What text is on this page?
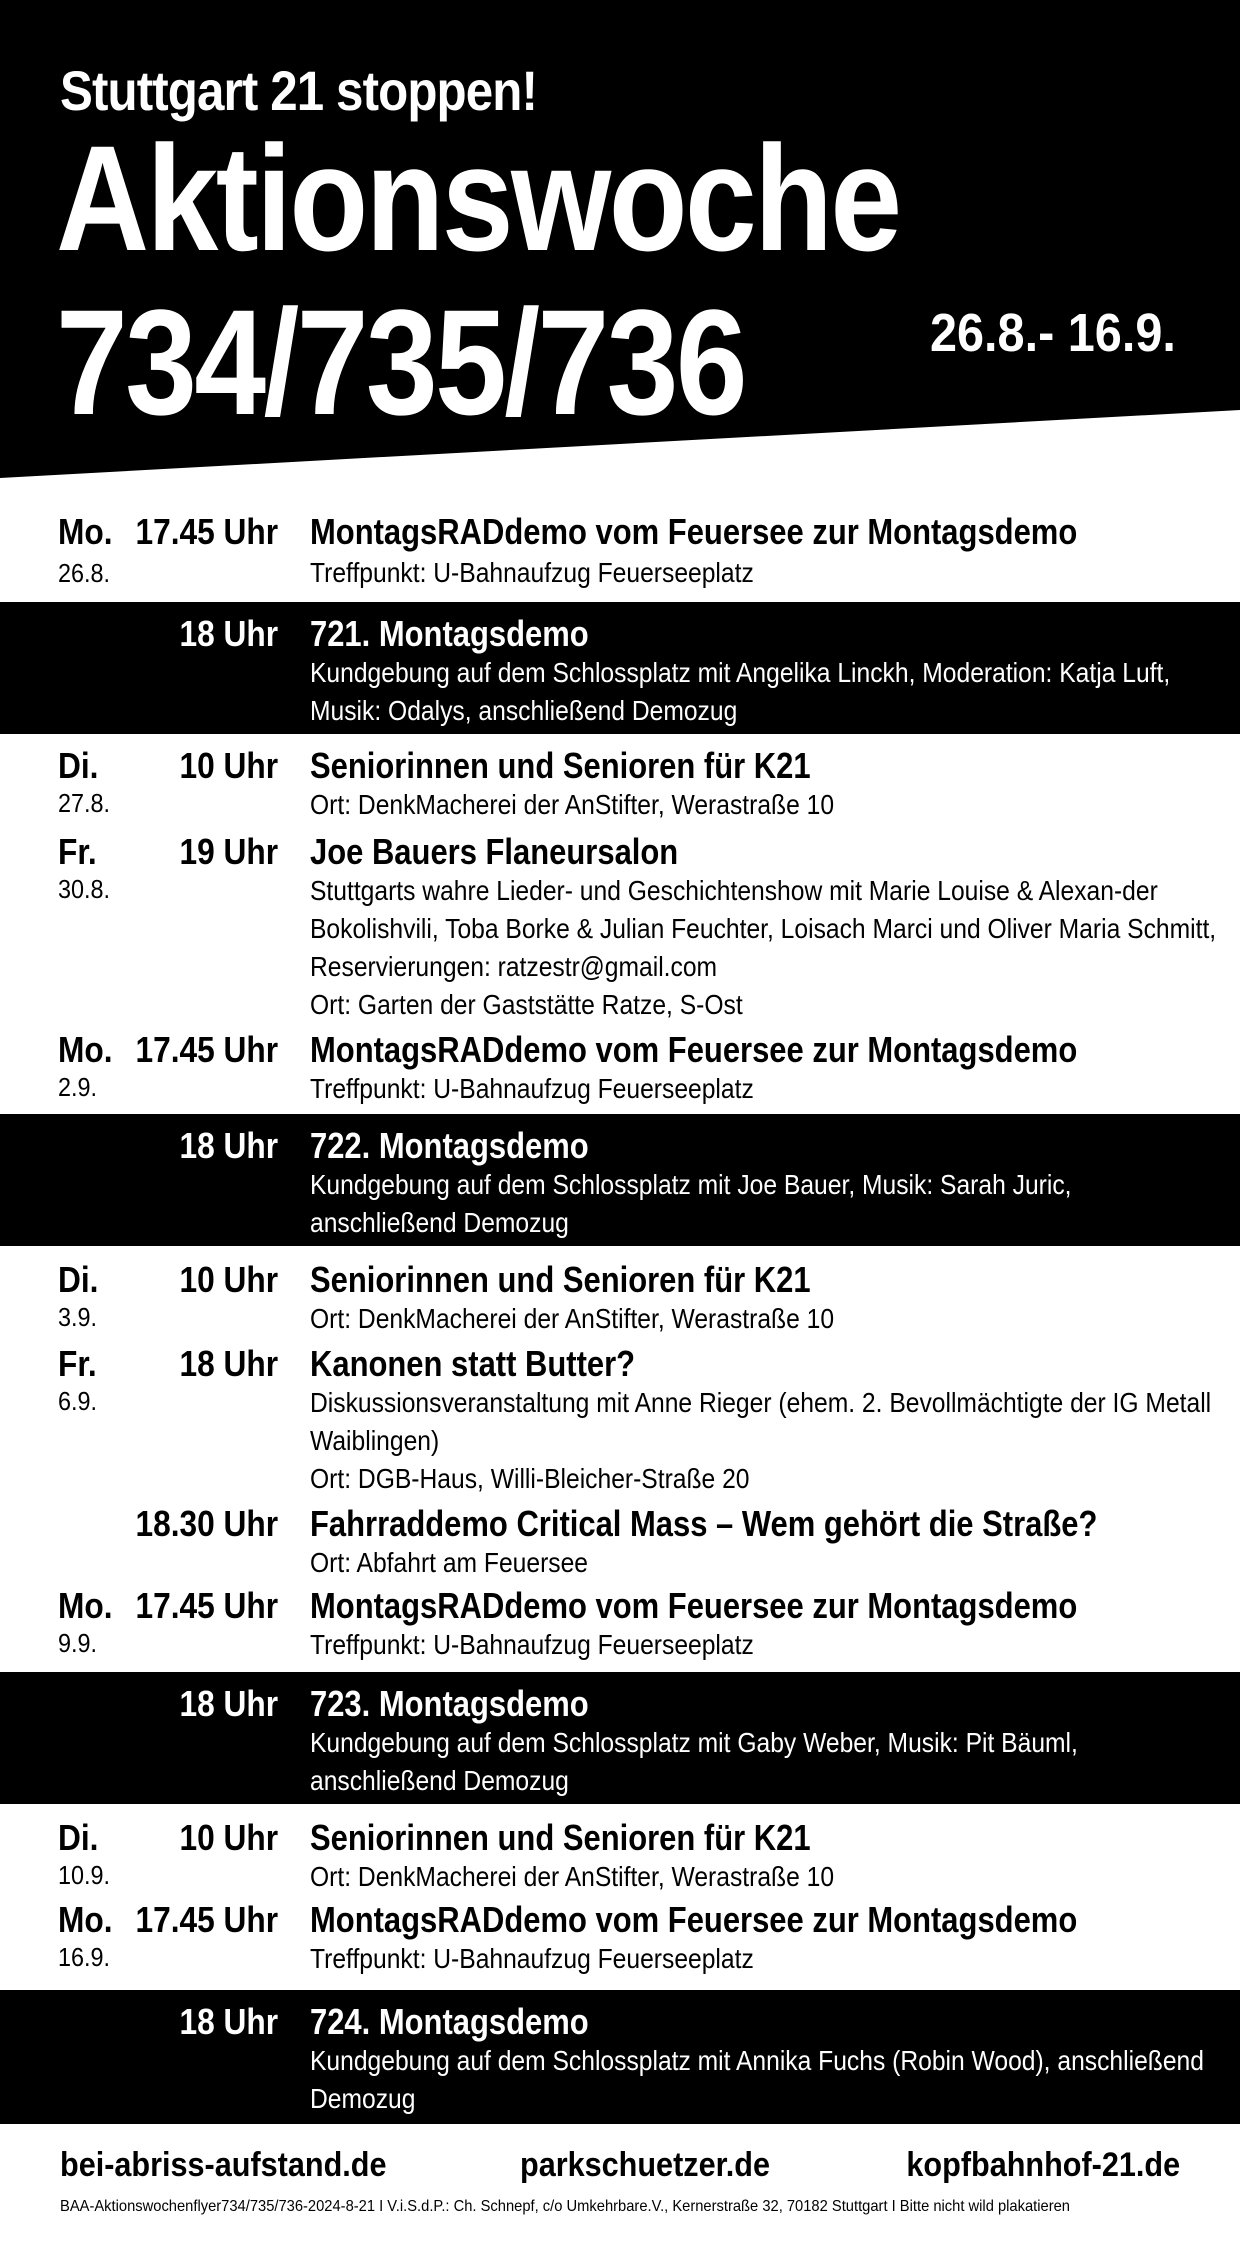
Stuttgart 21 stoppen!
Aktionswoche
734/735/736	26.8.- 16.9.
Mo. 17.45 Uhr
26.8.
MontagsRADdemo vom Feuersee zur Montagsdemo
Treffpunkt: U-Bahnaufzug Feuerseeplatz
18 Uhr 721. Montagsdemo
Kundgebung auf dem Schlossplatz mit Angelika Linckh, Moderation: Katja Luft, Musik: Odalys, anschließend Demozug
Di.	10 Uhr
27.8.
Seniorinnen und Senioren für K21
Ort: DenkMacherei der AnStifter, Werastraße 10
Fr.	19 Uhr
30.8.
Joe Bauers Flaneursalon
Stuttgarts wahre Lieder- und Geschichtenshow mit Marie Louise & Alexan-der Bokolishvili, Toba Borke & Julian Feuchter, Loisach Marci und Oliver Maria Schmitt, Reservierungen: ratzestr@gmail.com
Ort: Garten der Gaststätte Ratze, S-Ost
Mo. 17.45 Uhr
2.9.
MontagsRADdemo vom Feuersee zur Montagsdemo
Treffpunkt: U-Bahnaufzug Feuerseeplatz
18 Uhr 722. Montagsdemo
Kundgebung auf dem Schlossplatz mit Joe Bauer, Musik: Sarah Juric, anschließend Demozug
Di.	10 Uhr
3.9.
Seniorinnen und Senioren für K21
Ort: DenkMacherei der AnStifter, Werastraße 10
Fr.	18 Uhr
6.9.
Kanonen statt Butter?
Diskussionsveranstaltung mit Anne Rieger (ehem. 2. Bevollmächtigte der IG Metall Waiblingen)
Ort: DGB-Haus, Willi-Bleicher-Straße 20
18.30 Uhr Fahrraddemo Critical Mass – Wem gehört die Straße?
Ort: Abfahrt am Feuersee
Mo. 17.45 Uhr
9.9.
MontagsRADdemo vom Feuersee zur Montagsdemo
Treffpunkt: U-Bahnaufzug Feuerseeplatz
18 Uhr 723. Montagsdemo
Kundgebung auf dem Schlossplatz mit Gaby Weber, Musik: Pit Bäuml, anschließend Demozug
Di.	10 Uhr
10.9.
Seniorinnen und Senioren für K21
Ort: DenkMacherei der AnStifter, Werastraße 10
Mo. 17.45 Uhr
16.9.
MontagsRADdemo vom Feuersee zur Montagsdemo
Treffpunkt: U-Bahnaufzug Feuerseeplatz
18 Uhr 724. Montagsdemo
Kundgebung auf dem Schlossplatz mit Annika Fuchs (Robin Wood), anschließend Demozug
bei-abriss-aufstand.de	parkschuetzer.de	kopfbahnhof-21.de
BAA-Aktionswochenflyer734/735/736-2024-8-21 I V.i.S.d.P.: Ch. Schnepf, c/o Umkehrbare.V., Kernerstraße 32, 70182 Stuttgart I Bitte nicht wild plakatieren
